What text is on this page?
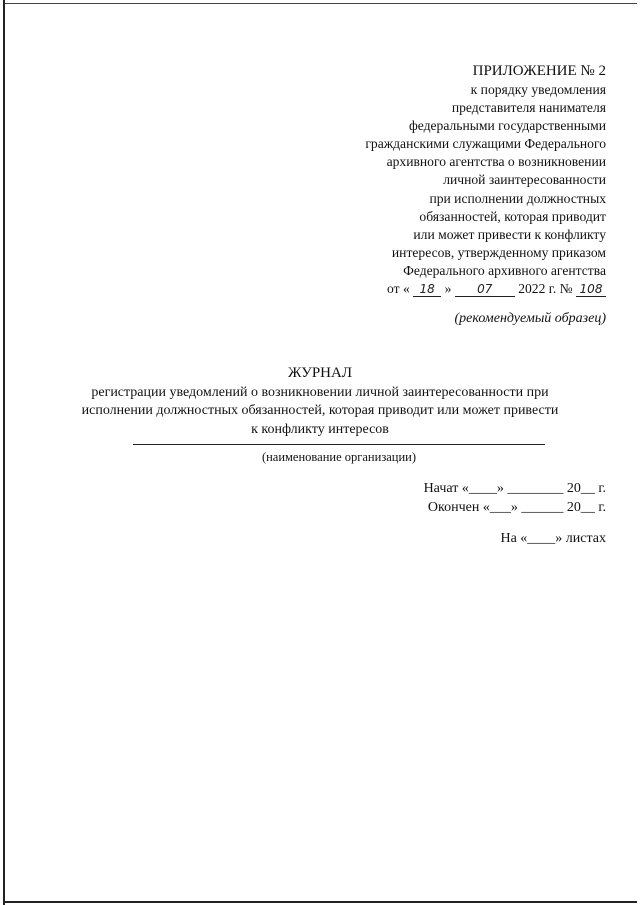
ПРИЛОЖЕНИЕ № 2
к порядку уведомления
представителя нанимателя
федеральными государственными
гражданскими служащими Федерального
архивного агентства о возникновении
личной заинтересованности
при исполнении должностных
обязанностей, которая приводит
или может привести к конфликту
интересов, утвержденному приказом
Федерального архивного агентства
от « 18 » 07 2022 г. № 108
(рекомендуемый образец)
ЖУРНАЛ
регистрации уведомлений о возникновении личной заинтересованности при
исполнении должностных обязанностей, которая приводит или может привести
к конфликту интересов
(наименование организации)
Начат «____» ________ 20__ г.
Окончен «___» ______ 20__ г.
На «____» листах
